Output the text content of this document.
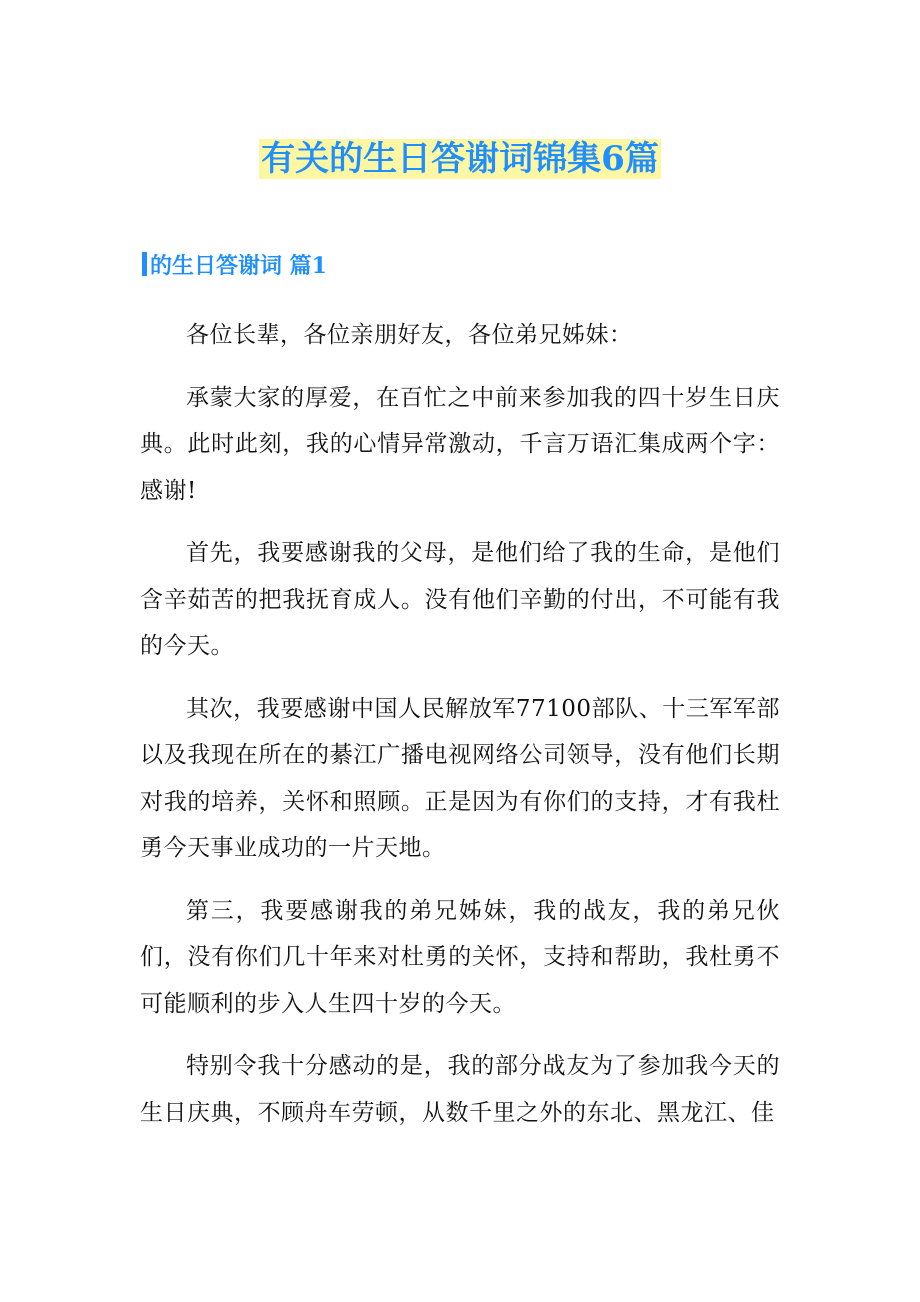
有关的生日答谢词锦集6篇
的生日答谢词 篇1

各位长辈，各位亲朋好友，各位弟兄姊妹：

承蒙大家的厚爱，在百忙之中前来参加我的四十岁生日庆典。此时此刻，我的心情异常激动，千言万语汇集成两个字：感谢!

首先，我要感谢我的父母，是他们给了我的生命，是他们含辛茹苦的把我抚育成人。没有他们辛勤的付出，不可能有我的今天。

其次，我要感谢中国人民解放军77100部队、十三军军部以及我现在所在的綦江广播电视网络公司领导，没有他们长期对我的培养，关怀和照顾。正是因为有你们的支持，才有我杜勇今天事业成功的一片天地。

第三，我要感谢我的弟兄姊妹，我的战友，我的弟兄伙们，没有你们几十年来对杜勇的关怀，支持和帮助，我杜勇不可能顺利的步入人生四十岁的今天。

特别令我十分感动的是，我的部分战友为了参加我今天的生日庆典，不顾舟车劳顿，从数千里之外的东北、黑龙江、佳
